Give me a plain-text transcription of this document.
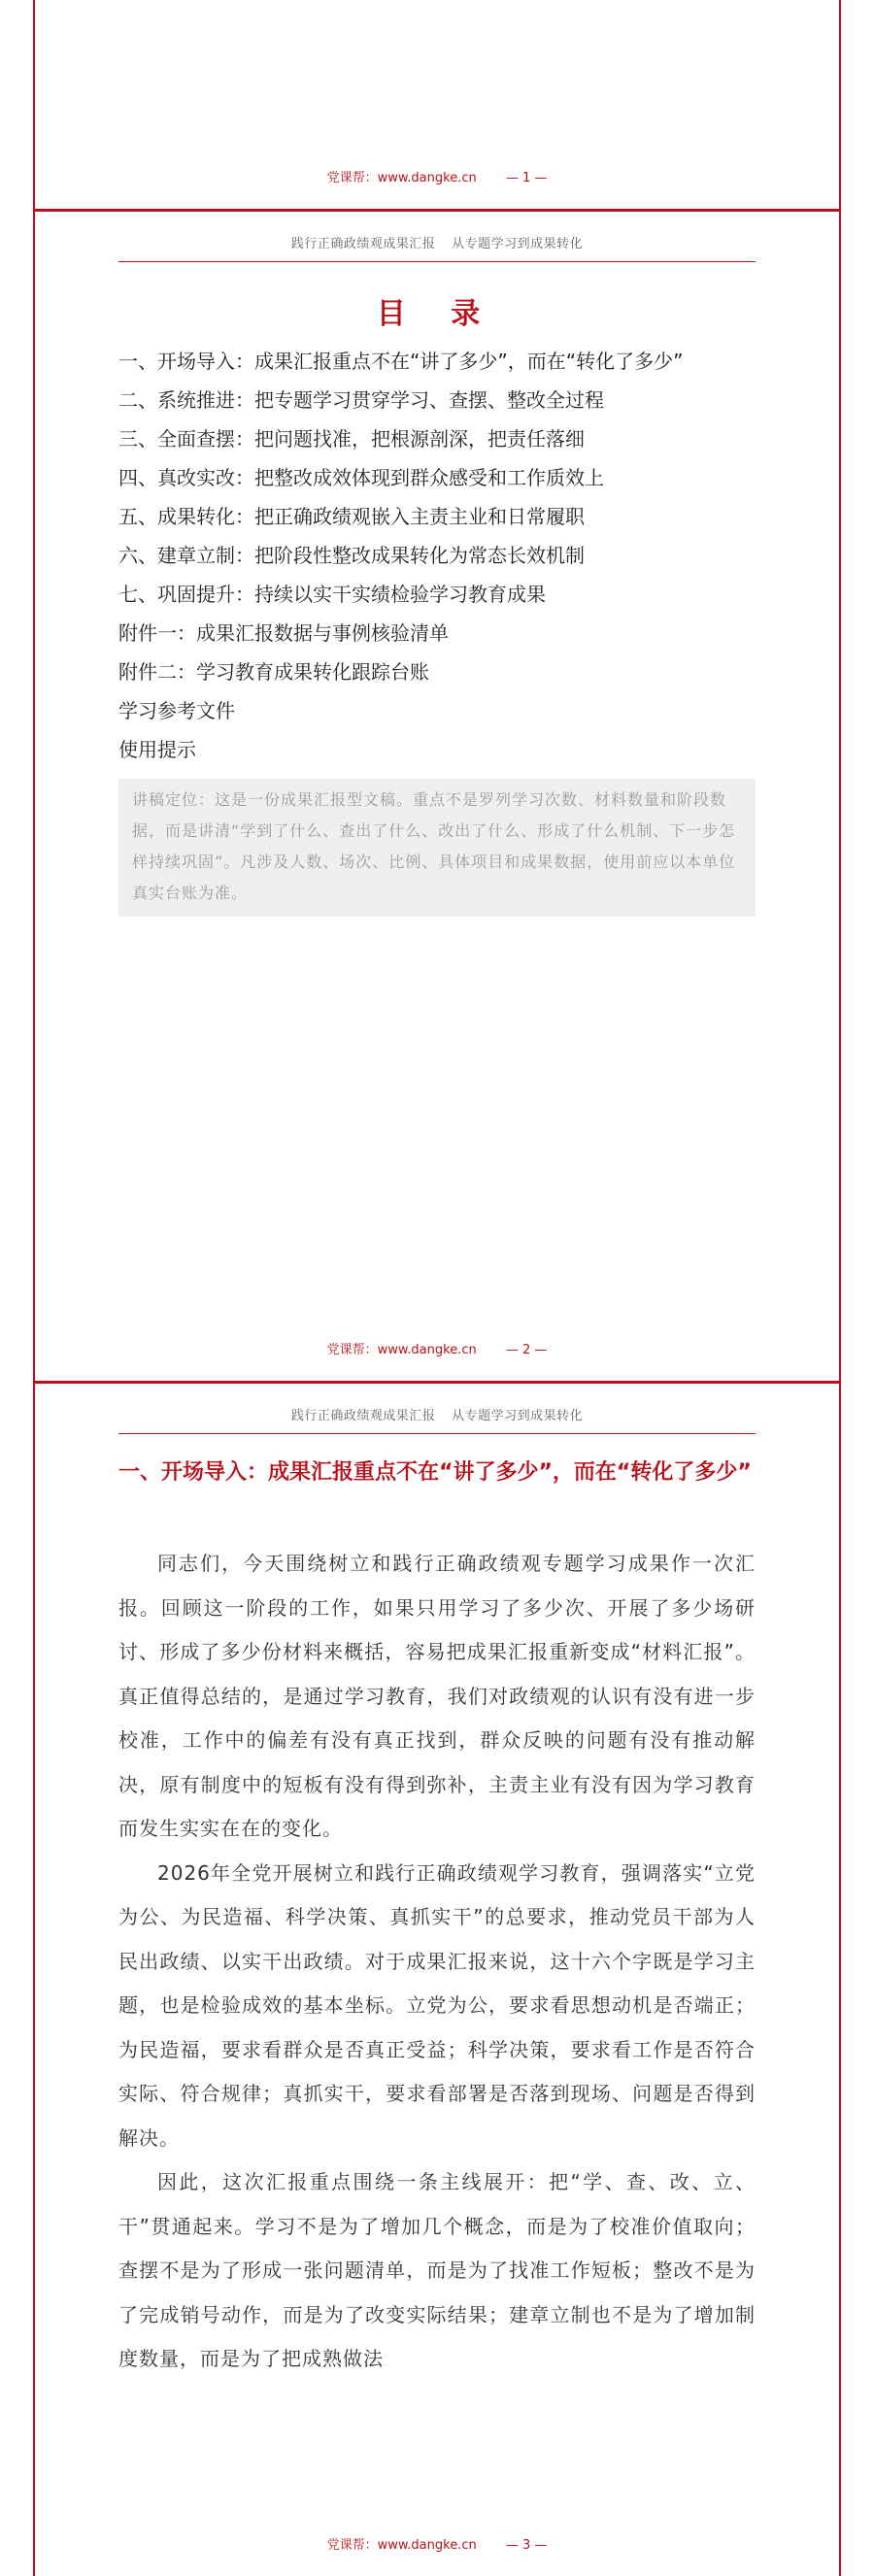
党课帮：www.dangke.cn — 1 —
践行正确政绩观成果汇报 从专题学习到成果转化
目 录
一、开场导入：成果汇报重点不在“讲了多少”，而在“转化了多少”
二、系统推进：把专题学习贯穿学习、查摆、整改全过程
三、全面查摆：把问题找准，把根源剖深，把责任落细
四、真改实改：把整改成效体现到群众感受和工作质效上
五、成果转化：把正确政绩观嵌入主责主业和日常履职
六、建章立制：把阶段性整改成果转化为常态长效机制
七、巩固提升：持续以实干实绩检验学习教育成果
附件一：成果汇报数据与事例核验清单
附件二：学习教育成果转化跟踪台账
学习参考文件
使用提示
讲稿定位：这是一份成果汇报型文稿。重点不是罗列学习次数、材料数量和阶段数据，而是讲清“学到了什么、查出了什么、改出了什么、形成了什么机制、下一步怎样持续巩固”。凡涉及人数、场次、比例、具体项目和成果数据，使用前应以本单位真实台账为准。
党课帮：www.dangke.cn — 2 —
践行正确政绩观成果汇报 从专题学习到成果转化
一、开场导入：成果汇报重点不在“讲了多少”，而在“转化了多少”

同志们，今天围绕树立和践行正确政绩观专题学习成果作一次汇报。回顾这一阶段的工作，如果只用学习了多少次、开展了多少场研讨、形成了多少份材料来概括，容易把成果汇报重新变成“材料汇报”。真正值得总结的，是通过学习教育，我们对政绩观的认识有没有进一步校准，工作中的偏差有没有真正找到，群众反映的问题有没有推动解决，原有制度中的短板有没有得到弥补，主责主业有没有因为学习教育而发生实实在在的变化。

2026年全党开展树立和践行正确政绩观学习教育，强调落实“立党为公、为民造福、科学决策、真抓实干”的总要求，推动党员干部为人民出政绩、以实干出政绩。对于成果汇报来说，这十六个字既是学习主题，也是检验成效的基本坐标。立党为公，要求看思想动机是否端正；为民造福，要求看群众是否真正受益；科学决策，要求看工作是否符合实际、符合规律；真抓实干，要求看部署是否落到现场、问题是否得到解决。

因此，这次汇报重点围绕一条主线展开：把“学、查、改、立、干”贯通起来。学习不是为了增加几个概念，而是为了校准价值取向；查摆不是为了形成一张问题清单，而是为了找准工作短板；整改不是为了完成销号动作，而是为了改变实际结果；建章立制也不是为了增加制度数量，而是为了把成熟做法

党课帮：www.dangke.cn — 3 —
